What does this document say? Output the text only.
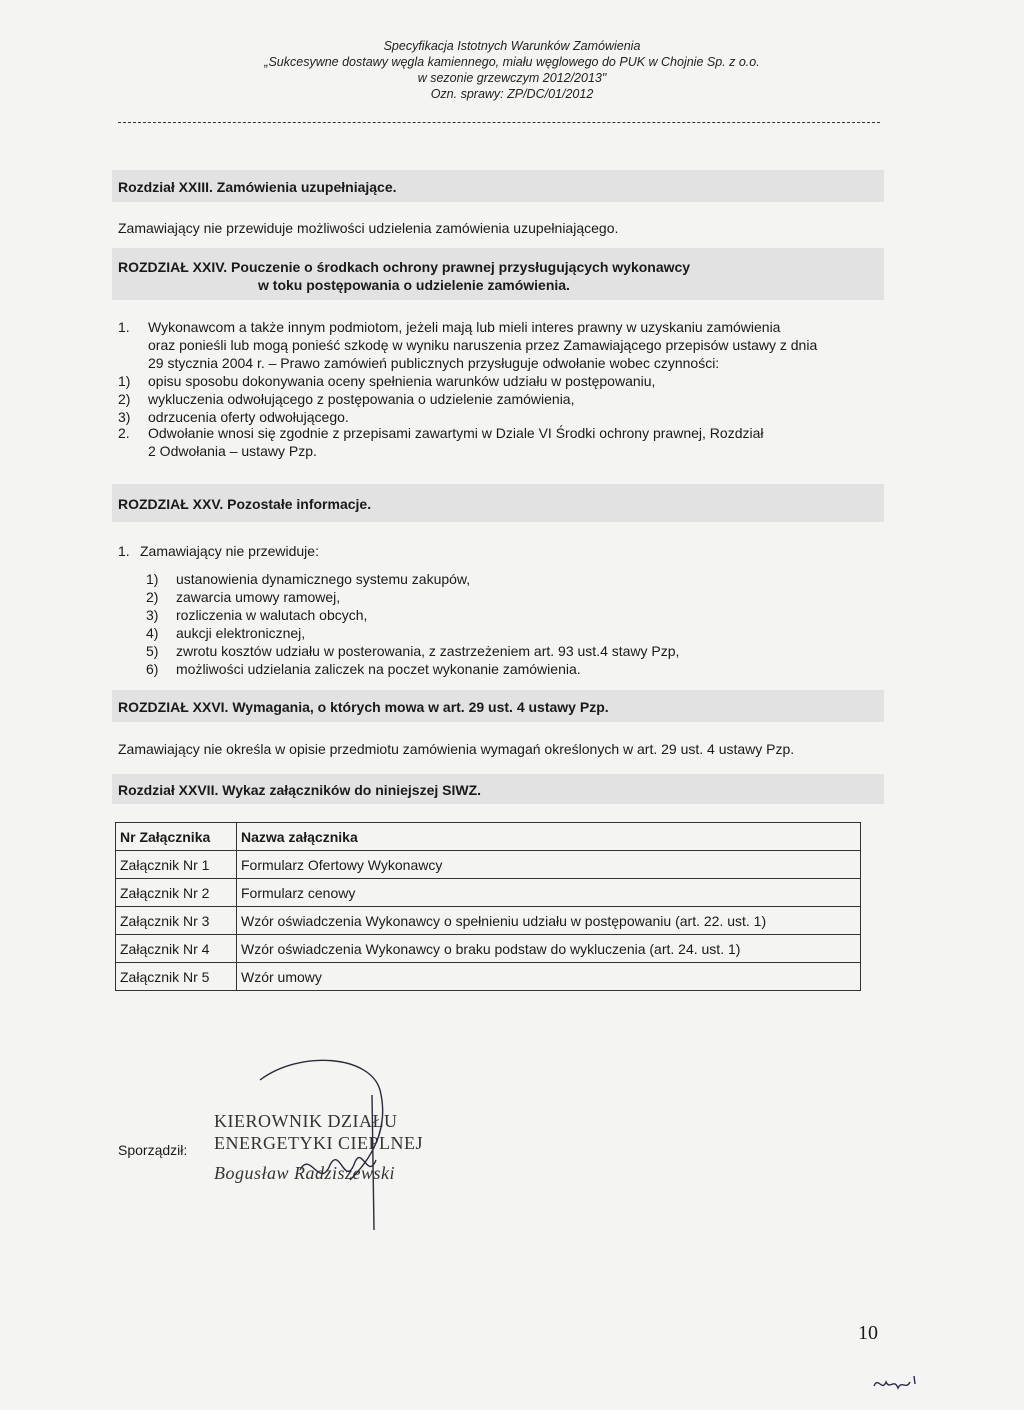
Specyfikacja Istotnych Warunków Zamówienia
„Sukcesywne dostawy węgla kamiennego, miału węglowego do PUK w Chojnie Sp. z o.o.
w sezonie grzewczym 2012/2013"
Ozn. sprawy: ZP/DC/01/2012
Rozdział XXIII. Zamówienia uzupełniające.
Zamawiający nie przewiduje możliwości udzielenia zamówienia uzupełniającego.
ROZDZIAŁ XXIV. Pouczenie o środkach ochrony prawnej przysługujących wykonawcy
w toku postępowania o udzielenie zamówienia.
1. Wykonawcom a także innym podmiotom, jeżeli mają lub mieli interes prawny w uzyskaniu zamówienia
oraz ponieśli lub mogą ponieść szkodę w wyniku naruszenia przez Zamawiającego przepisów ustawy z dnia
29 stycznia 2004 r. – Prawo zamówień publicznych przysługuje odwołanie wobec czynności:
1) opisu sposobu dokonywania oceny spełnienia warunków udziału w postępowaniu,
2) wykluczenia odwołującego z postępowania o udzielenie zamówienia,
3) odrzucenia oferty odwołującego.
2. Odwołanie wnosi się zgodnie z przepisami zawartymi w Dziale VI Środki ochrony prawnej, Rozdział
2 Odwołania – ustawy Pzp.
ROZDZIAŁ XXV. Pozostałe informacje.
1. Zamawiający nie przewiduje:
1) ustanowienia dynamicznego systemu zakupów,
2) zawarcia umowy ramowej,
3) rozliczenia w walutach obcych,
4) aukcji elektronicznej,
5) zwrotu kosztów udziału w posterowania, z zastrzeżeniem art. 93 ust.4 stawy Pzp,
6) możliwości udzielania zaliczek na poczet wykonanie zamówienia.
ROZDZIAŁ XXVI. Wymagania, o których mowa w art. 29 ust. 4 ustawy Pzp.
Zamawiający nie określa w opisie przedmiotu zamówienia wymagań określonych w art. 29 ust. 4 ustawy Pzp.
Rozdział XXVII. Wykaz załączników do niniejszej SIWZ.
Nr Załącznika	Nazwa załącznika
Załącznik Nr 1	Formularz Ofertowy Wykonawcy
Załącznik Nr 2	Formularz cenowy
Załącznik Nr 3	Wzór oświadczenia Wykonawcy o spełnieniu udziału w postępowaniu (art. 22. ust. 1)
Załącznik Nr 4	Wzór oświadczenia Wykonawcy o braku podstaw do wykluczenia (art. 24. ust. 1)
Załącznik Nr 5	Wzór umowy
Sporządził:
KIEROWNIK DZIAŁU
ENERGETYKI CIEPLNEJ
Bogusław Radziszewski
10
